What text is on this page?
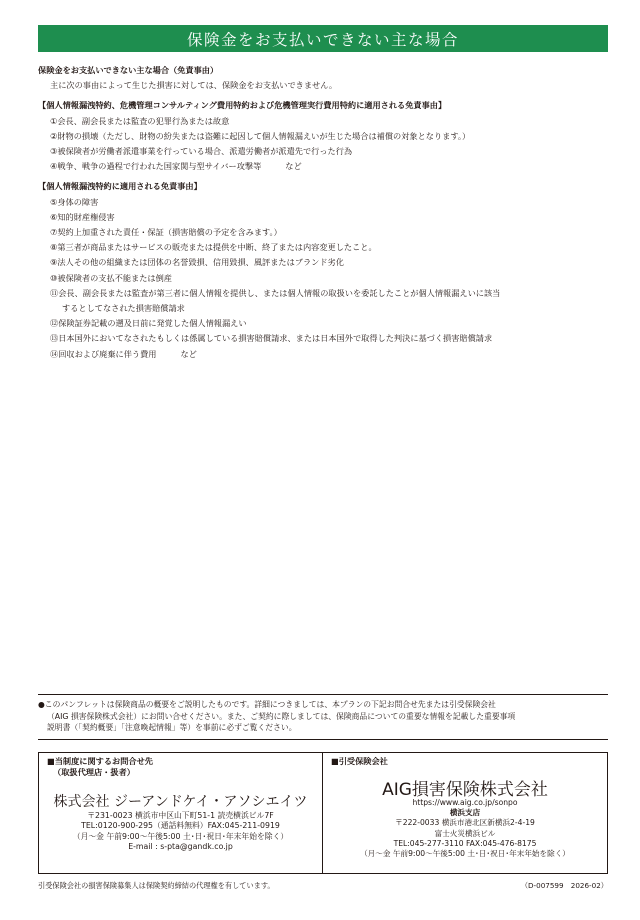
保険金をお支払いできない主な場合
保険金をお支払いできない主な場合（免責事由）
主に次の事由によって生じた損害に対しては、保険金をお支払いできません。
【個人情報漏洩特約、危機管理コンサルティング費用特約および危機管理実行費用特約に適用される免責事由】
①会長、副会長または監査の犯罪行為または故意
②財物の損壊（ただし、財物の紛失または盗難に起因して個人情報漏えいが生じた場合は補償の対象となります。）
③被保険者が労働者派遣事業を行っている場合、派遣労働者が派遣先で行った行為
④戦争、戦争の過程で行われた国家関与型サイバー攻撃等	など
【個人情報漏洩特約に適用される免責事由】
⑤身体の障害
⑥知的財産権侵害
⑦契約上加重された責任・保証（損害賠償の予定を含みます。）
⑧第三者が商品またはサービスの販売または提供を中断、終了または内容変更したこと。
⑨法人その他の組織または団体の名誉毀損、信用毀損、風評またはブランド劣化
⑩被保険者の支払不能または倒産
⑪会長、副会長または監査が第三者に個人情報を提供し、または個人情報の取扱いを委託したことが個人情報漏えいに該当
するとしてなされた損害賠償請求
⑫保険証券記載の遡及日前に発覚した個人情報漏えい
⑬日本国外においてなされたもしくは係属している損害賠償請求、または日本国外で取得した判決に基づく損害賠償請求
⑭回収および廃棄に伴う費用	など
●このパンフレットは保険商品の概要をご説明したものです。詳細につきましては、本プランの下記お問合せ先または引受保険会社
（AIG 損害保険株式会社）にお問い合せください。また、ご契約に際しましては、保険商品についての重要な情報を記載した重要事項
説明書（「契約概要」「注意喚起情報」等）を事前に必ずご覧ください。
■当制度に関するお問合せ先
（取扱代理店・扱者）
株式会社 ジーアンドケイ・アソシエイツ
〒231-0023 横浜市中区山下町51-1 読売横浜ビル7F
TEL:0120-900-295（通話料無料）FAX:045-211-0919
（月〜金 午前9:00〜午後5:00 土･日･祝日･年末年始を除く）
E-mail : s-pta@gandk.co.jp
■引受保険会社
AIG損害保険株式会社
https://www.aig.co.jp/sonpo
横浜支店
〒222-0033 横浜市港北区新横浜2-4-19
富士火災横浜ビル
TEL:045-277-3110 FAX:045-476-8175
（月〜金 午前9:00〜午後5:00 土･日･祝日･年末年始を除く）
引受保険会社の損害保険募集人は保険契約締結の代理権を有しています。	（D-007599　2026-02）
